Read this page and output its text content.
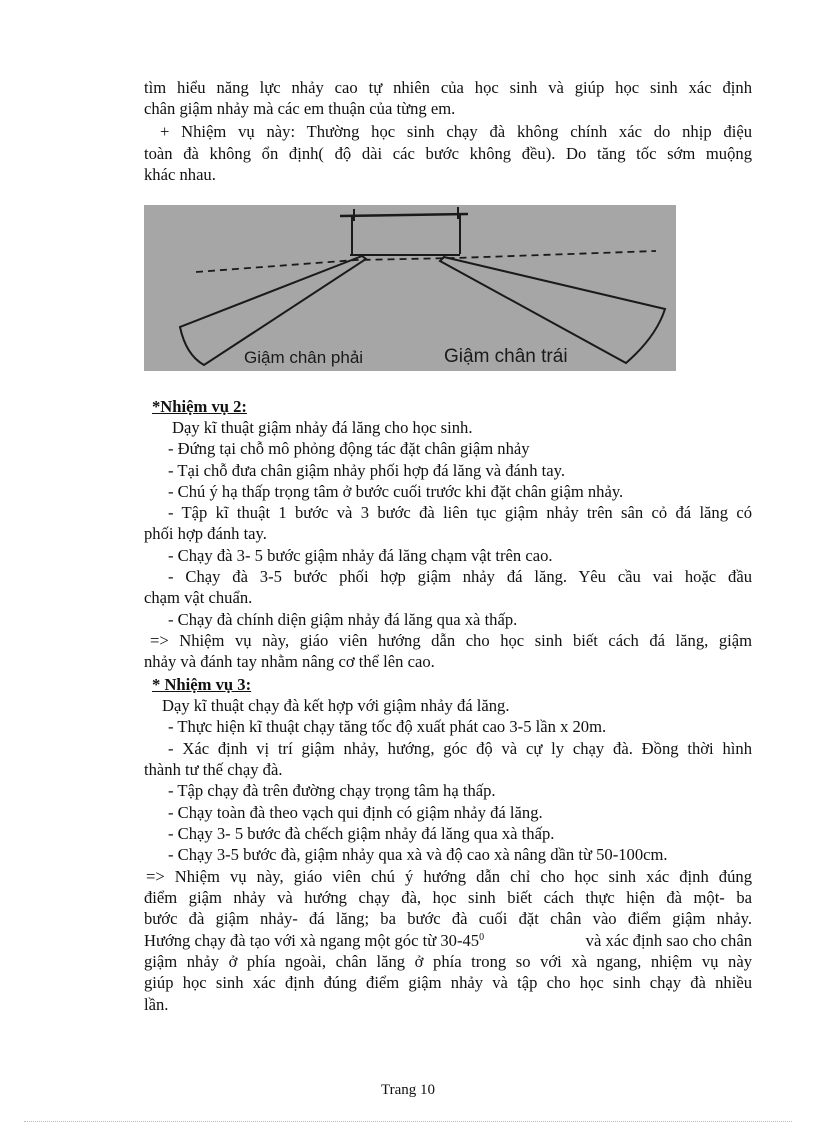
tìm hiểu năng lực nhảy cao tự nhiên của học sinh và giúp học sinh xác định
chân giậm nhảy mà các em thuận của từng em.
+ Nhiệm vụ này: Thường học sinh chạy đà không chính xác do nhịp điệu
toàn đà không ổn định( độ dài các bước không đều). Do tăng tốc sớm muộng
khác nhau.
Giậm chân phải	Giậm chân trái
*Nhiệm vụ 2:
Dạy kĩ thuật giậm nhảy đá lăng cho học sinh.
- Đứng tại chỗ mô phỏng động tác đặt chân giậm nhảy
- Tại chỗ đưa chân giậm nhảy phối hợp đá lăng và đánh tay.
- Chú ý hạ thấp trọng tâm ở bước cuối trước khi đặt chân giậm nhảy.
- Tập kĩ thuật 1 bước và 3 bước đà liên tục giậm nhảy trên sân cỏ đá lăng có
phối hợp đánh tay.
- Chạy đà 3- 5 bước giậm nhảy đá lăng chạm vật trên cao.
- Chạy đà 3-5 bước phối hợp giậm nhảy đá lăng. Yêu cầu vai hoặc đầu
chạm vật chuẩn.
- Chạy đà chính diện giậm nhảy đá lăng qua xà thấp.
=> Nhiệm vụ này, giáo viên hướng dẫn cho học sinh biết cách đá lăng, giậm
nhảy và đánh tay nhằm nâng cơ thể lên cao.
* Nhiệm vụ 3:
Dạy kĩ thuật chạy đà kết hợp với giậm nhảy đá lăng.
- Thực hiện kĩ thuật chạy tăng tốc độ xuất phát cao 3-5 lần x 20m.
- Xác định vị trí giậm nhảy, hướng, góc độ và cự ly chạy đà. Đồng thời hình
thành tư thế chạy đà.
- Tập chạy đà trên đường chạy trọng tâm hạ thấp.
- Chạy toàn đà theo vạch qui định có giậm nhảy đá lăng.
- Chạy 3- 5 bước đà chếch giậm nhảy đá lăng qua xà thấp.
- Chạy 3-5 bước đà, giậm nhảy qua xà và độ cao xà nâng dần từ 50-100cm.
=> Nhiệm vụ này, giáo viên chú ý hướng dẫn chỉ cho học sinh xác định đúng
điểm giậm nhảy và hướng chạy đà, học sinh biết cách thực hiện đà một- ba
bước đà giậm nhảy- đá lăng; ba bước đà cuối đặt chân vào điểm giậm nhảy.
Hướng chạy đà tạo với xà ngang một góc từ $30-45^0$	và xác định sao cho chân
giậm nhảy ở phía ngoài, chân lăng ở phía trong so với xà ngang, nhiệm vụ này
giúp học sinh xác định đúng điểm giậm nhảy và tập cho học sinh chạy đà nhiều
lần.
Trang 10
